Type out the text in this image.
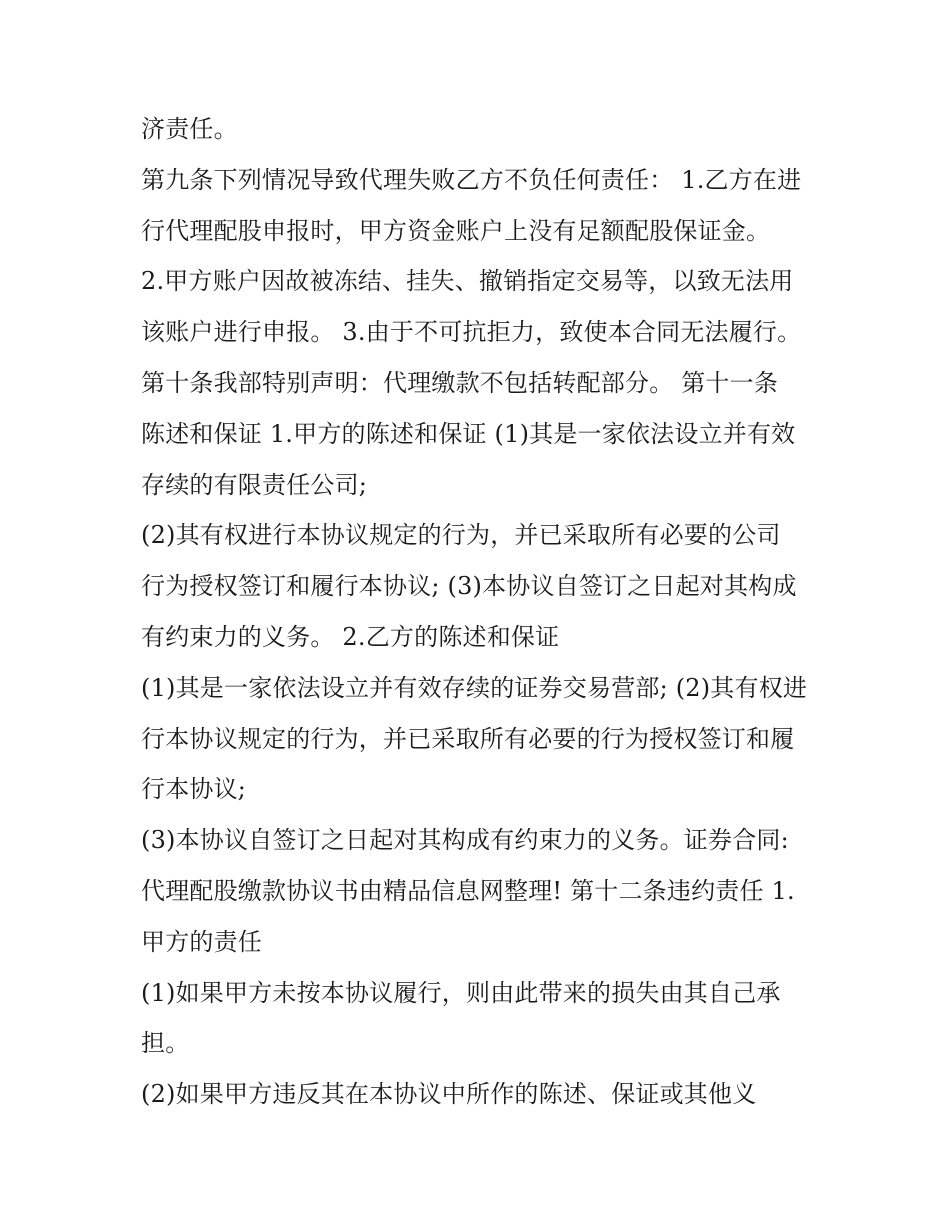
济责任。
第九条下列情况导致代理失败乙方不负任何责任： 1.乙方在进
行代理配股申报时，甲方资金账户上没有足额配股保证金。
2.甲方账户因故被冻结、挂失、撤销指定交易等，以致无法用
该账户进行申报。 3.由于不可抗拒力，致使本合同无法履行。
第十条我部特别声明：代理缴款不包括转配部分。 第十一条
陈述和保证 1.甲方的陈述和保证 (1)其是一家依法设立并有效
存续的有限责任公司;
(2)其有权进行本协议规定的行为，并已采取所有必要的公司
行为授权签订和履行本协议; (3)本协议自签订之日起对其构成
有约束力的义务。 2.乙方的陈述和保证
(1)其是一家依法设立并有效存续的证券交易营部; (2)其有权进
行本协议规定的行为，并已采取所有必要的行为授权签订和履
行本协议;
(3)本协议自签订之日起对其构成有约束力的义务。证券合同:
代理配股缴款协议书由精品信息网整理! 第十二条违约责任 1.
甲方的责任
(1)如果甲方未按本协议履行，则由此带来的损失由其自己承
担。
(2)如果甲方违反其在本协议中所作的陈述、保证或其他义
